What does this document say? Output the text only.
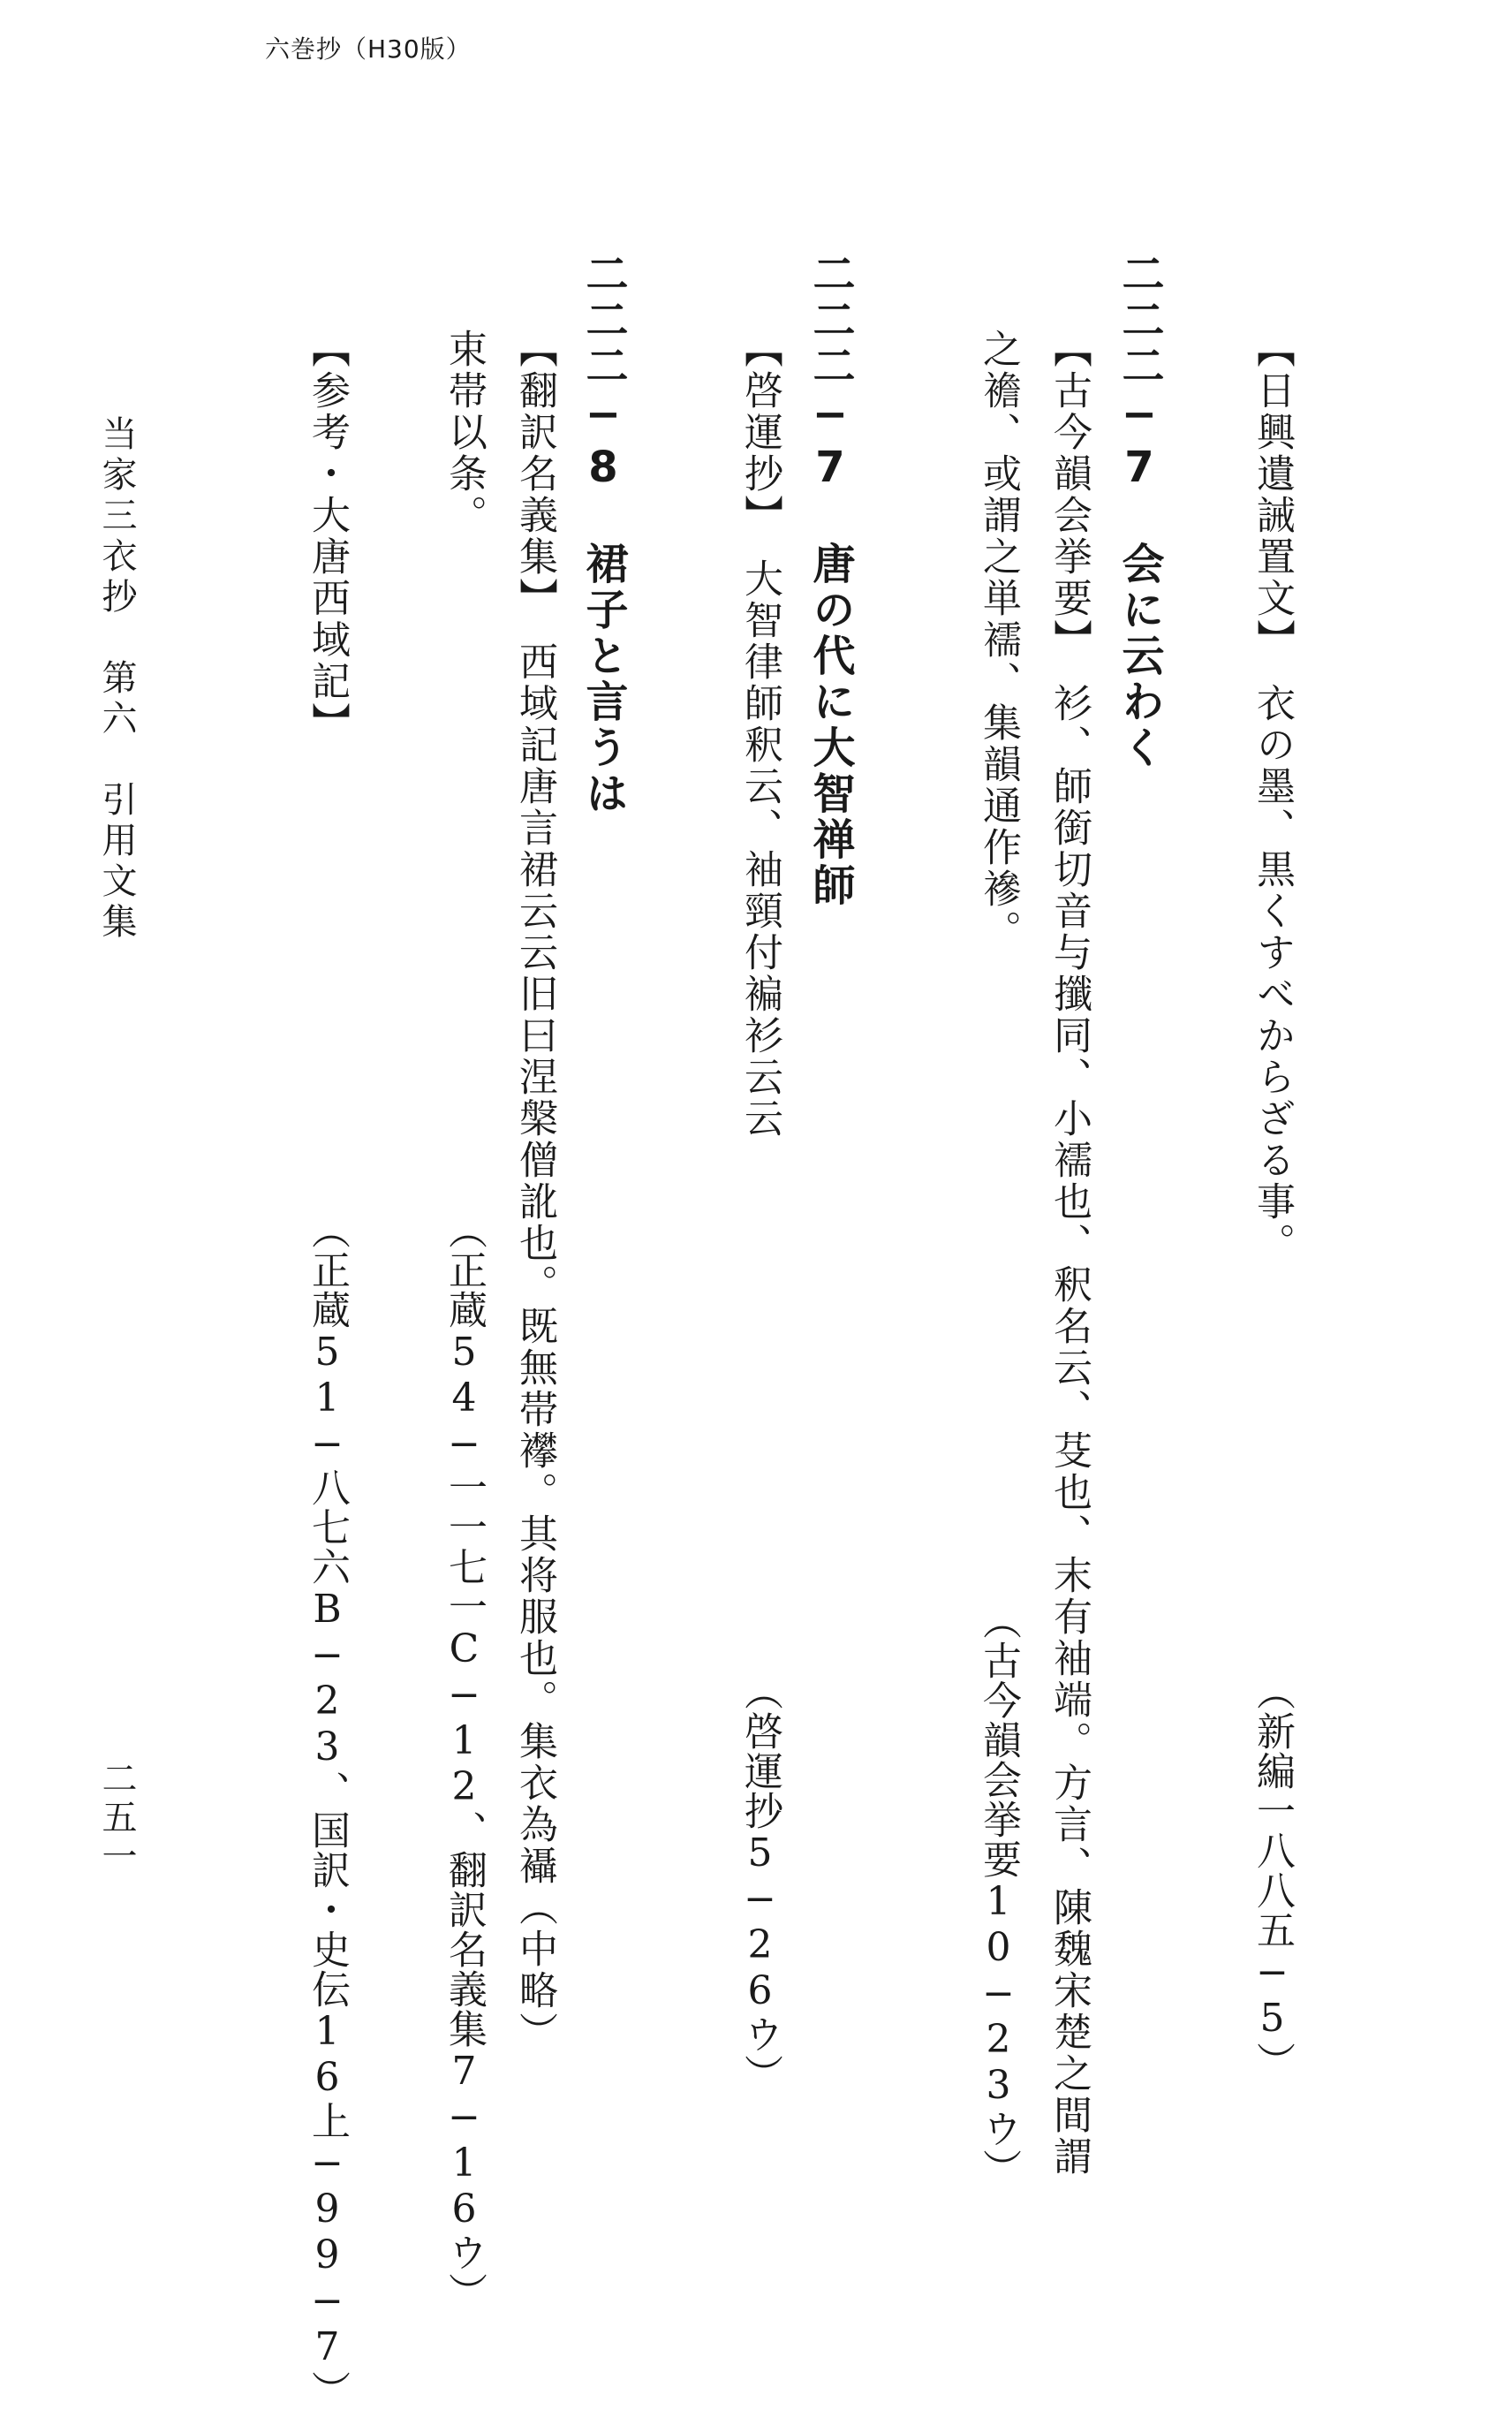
六巻抄（H30版）
【日興遺誡置文】　衣の墨、黒くすべからざる事。
（新編一八八五−5）
二二二−7　会に云わく
【古今韻会挙要】　衫、師銜切音与攕同、小襦也、釈名云、芟也、末有袖端。方言、陳魏宋楚之間謂
之襜、或謂之単襦、集韻通作襂。
（古今韻会挙要10−23ウ）
二二二−7　唐の代に大智禅師
【啓運抄】　大智律師釈云、袖頸付褊衫云云
（啓運抄5−26ウ）
二二二−8　裙子と言うは
【翻訳名義集】　西域記唐言裙云云旧曰涅槃僧訛也。既無帯襻。其将服也。集衣為襵（中略）
束帯以条。
（正蔵54−一一七一C−12、翻訳名義集7−16ウ）
【参考・大唐西域記】
（正蔵51−八七六B−23、国訳・史伝16上−99−7）
当家三衣抄　第六　引用文集
二五一
